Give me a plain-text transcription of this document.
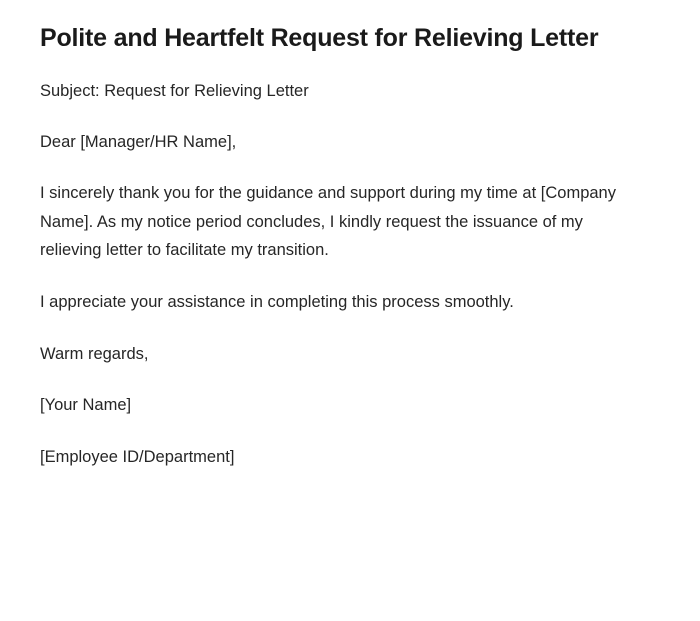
Polite and Heartfelt Request for Relieving Letter

Subject: Request for Relieving Letter

Dear [Manager/HR Name],

I sincerely thank you for the guidance and support during my time at [Company Name]. As my notice period concludes, I kindly request the issuance of my relieving letter to facilitate my transition.

I appreciate your assistance in completing this process smoothly.

Warm regards,

[Your Name]

[Employee ID/Department]
